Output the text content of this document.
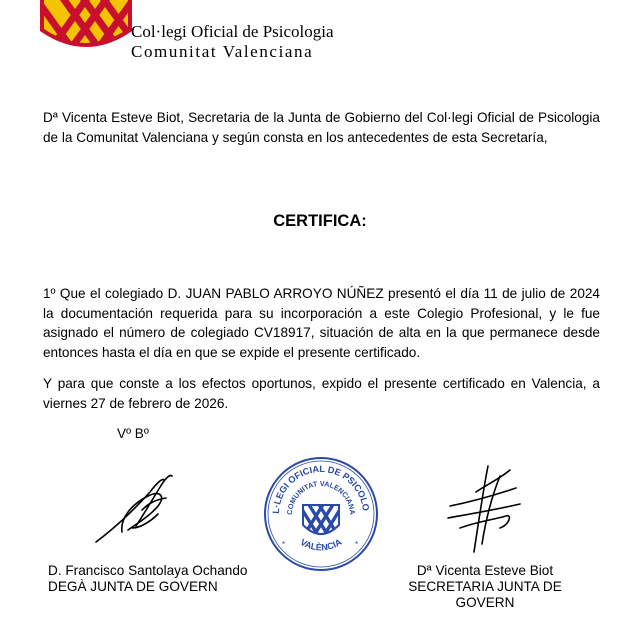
Col·legi Oficial de Psicologia
Comunitat Valenciana

Dª Vicenta Esteve Biot, Secretaria de la Junta de Gobierno del Col·legi Oficial de Psicologia de la Comunitat Valenciana y según consta en los antecedentes de esta Secretaría,

CERTIFICA:

1º Que el colegiado D. JUAN PABLO ARROYO NÚÑEZ presentó el día 11 de julio de 2024 la documentación requerida para su incorporación a este Colegio Profesional, y le fue asignado el número de colegiado CV18917, situación de alta en la que permanece desde entonces hasta el día en que se expide el presente certificado.

Y para que conste a los efectos oportunos, expido el presente certificado en Valencia, a viernes 27 de febrero de 2026.

Vº Bº
L·LEGI OFICIAL DE PSICOLO
COMUNITAT VALENCIANA
VALÈNCIA
*	*
D. Francisco Santolaya Ochando
DEGÀ JUNTA DE GOVERN
Dª Vicenta Esteve Biot
SECRETARIA JUNTA DE GOVERN
